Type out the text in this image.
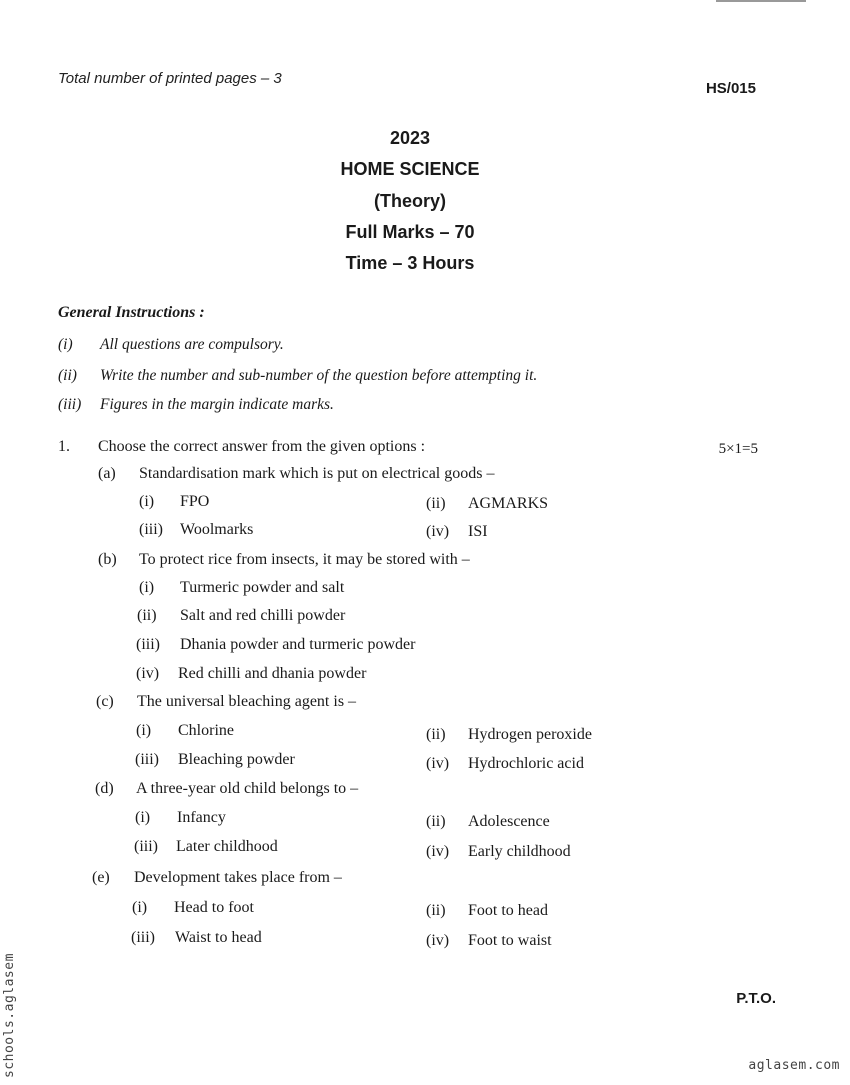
Total number of printed pages – 3
HS/015
2023
HOME SCIENCE
(Theory)
Full Marks – 70
Time – 3 Hours
General Instructions :
(i) All questions are compulsory.
(ii) Write the number and sub-number of the question before attempting it.
(iii) Figures in the margin indicate marks.
1. Choose the correct answer from the given options :	5×1=5
(a) Standardisation mark which is put on electrical goods –
(i) FPO	(ii) AGMARKS
(iii) Woolmarks	(iv) ISI
(b) To protect rice from insects, it may be stored with –
(i) Turmeric powder and salt
(ii) Salt and red chilli powder
(iii) Dhania powder and turmeric powder
(iv) Red chilli and dhania powder
(c) The universal bleaching agent is –
(i) Chlorine	(ii) Hydrogen peroxide
(iii) Bleaching powder	(iv) Hydrochloric acid
(d) A three-year old child belongs to –
(i) Infancy	(ii) Adolescence
(iii) Later childhood	(iv) Early childhood
(e) Development takes place from –
(i) Head to foot	(ii) Foot to head
(iii) Waist to head	(iv) Foot to waist
P.T.O.
aglasem.com
schools.aglasem
